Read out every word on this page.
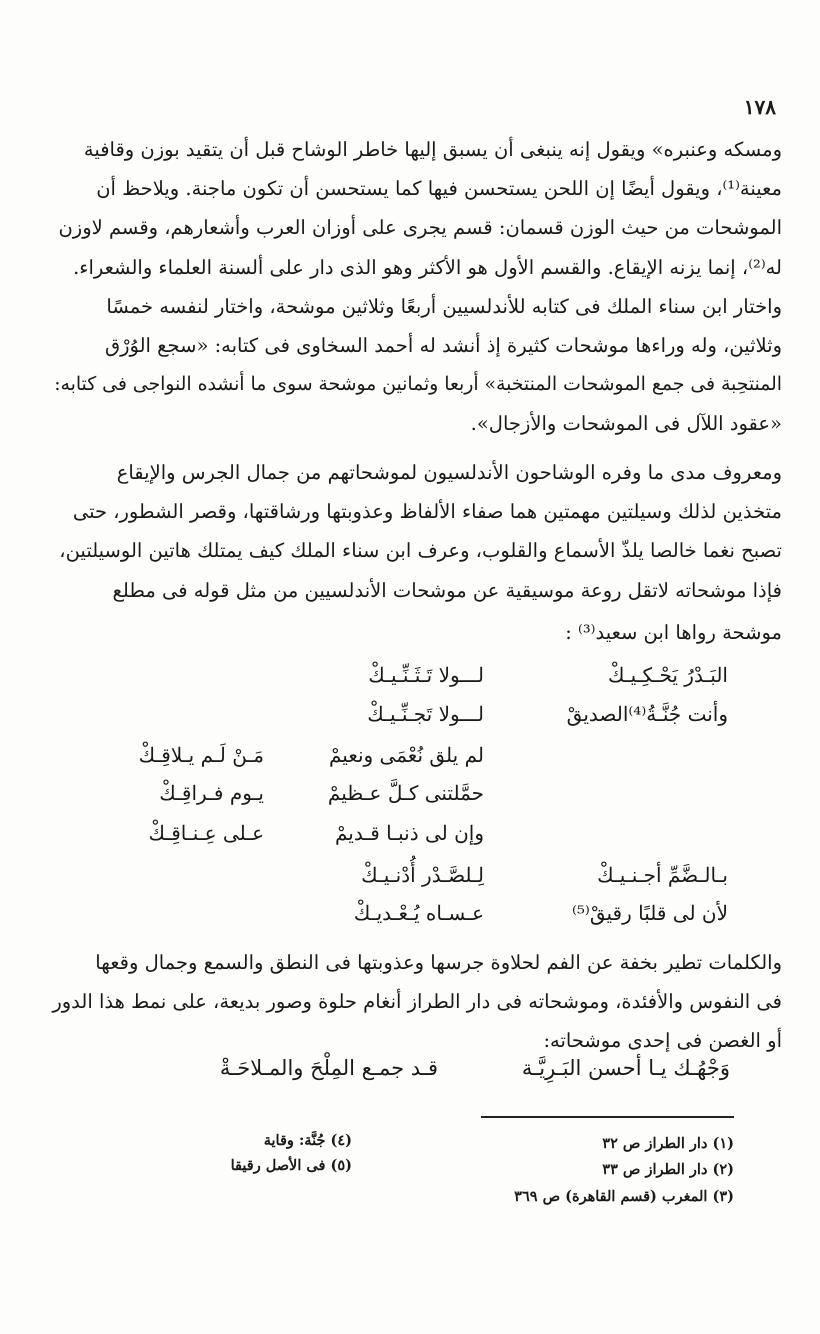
١٧٨
ومسكه وعنبره» ويقول إنه ينبغى أن يسبق إليها خاطر الوشاح قبل أن يتقيد بوزن وقافية
معينة⁽¹⁾، ويقول أيضًا إن اللحن يستحسن فيها كما يستحسن أن تكون ماجنة. ويلاحظ أن
الموشحات من حيث الوزن قسمان: قسم يجرى على أوزان العرب وأشعارهم، وقسم لاوزن
له⁽²⁾، إنما يزنه الإيقاع. والقسم الأول هو الأكثر وهو الذى دار على ألسنة العلماء والشعراء.
واختار ابن سناء الملك فى كتابه للأندلسيين أربعًا وثلاثين موشحة، واختار لنفسه خمسًا
وثلاثين، وله وراءها موشحات كثيرة إذ أنشد له أحمد السخاوى فى كتابه: «سجع الوُرْق
المنتحِبة فى جمع الموشحات المنتخبة» أربعا وثمانين موشحة سوى ما أنشده النواجى فى كتابه:
«عقود اللآل فى الموشحات والأزجال».
ومعروف مدى ما وفره الوشاحون الأندلسيون لموشحاتهم من جمال الجرس والإيقاع
متخذين لذلك وسيلتين مهمتين هما صفاء الألفاظ وعذوبتها ورشاقتها، وقصر الشطور، حتى
تصبح نغما خالصا يلذّ الأسماع والقلوب، وعرف ابن سناء الملك كيف يمتلك هاتين الوسيلتين،
فإذا موشحاته لاتقل روعة موسيقية عن موشحات الأندلسيين من مثل قوله فى مطلع
موشحة رواها ابن سعيد⁽³⁾ :
البَـدْرُ يَحْـكِـيـكْ
لـــولا تَـثَـنِّـيـكْ
وأنت جُنَّـةُ⁽⁴⁾الصديقْ
لـــولا تَجـنِّـيـكْ
لم يلق نُعْمَى ونعيمْ
مَـنْ لَـم يـلاقِـكْ
حمَّلتنى كـلَّ عـظيمْ
يـوم فـراقِـكْ
وإن لى ذنبـا قـديمْ
عـلى عِـنـاقِـكْ
بـالـضَّمِّ أجـنـيـكْ
لِـلصَّـدْر أُدْنـيـكْ
لأن لى قلبًا رقيقْ⁽⁵⁾
عـسـاه يُـعْـديـكْ
والكلمات تطير بخفة عن الفم لحلاوة جرسها وعذوبتها فى النطق والسمع وجمال وقعها
فى النفوس والأفئدة، وموشحاته فى دار الطراز أنغام حلوة وصور بديعة، على نمط هذا الدور
أو الغصن فى إحدى موشحاته:
وَجْهُـك يـا أحسن البَـرِيَّـة
قـد جمـع المِلْحَ والمـلاحَـةْ
(١) دار الطراز ص ٣٢
(٢) دار الطراز ص ٣٣
(٣) المغرب (قسم القاهرة) ص ٣٦٩
(٤) جُنَّة: وقاية
(٥) فى الأصل رقيقا
